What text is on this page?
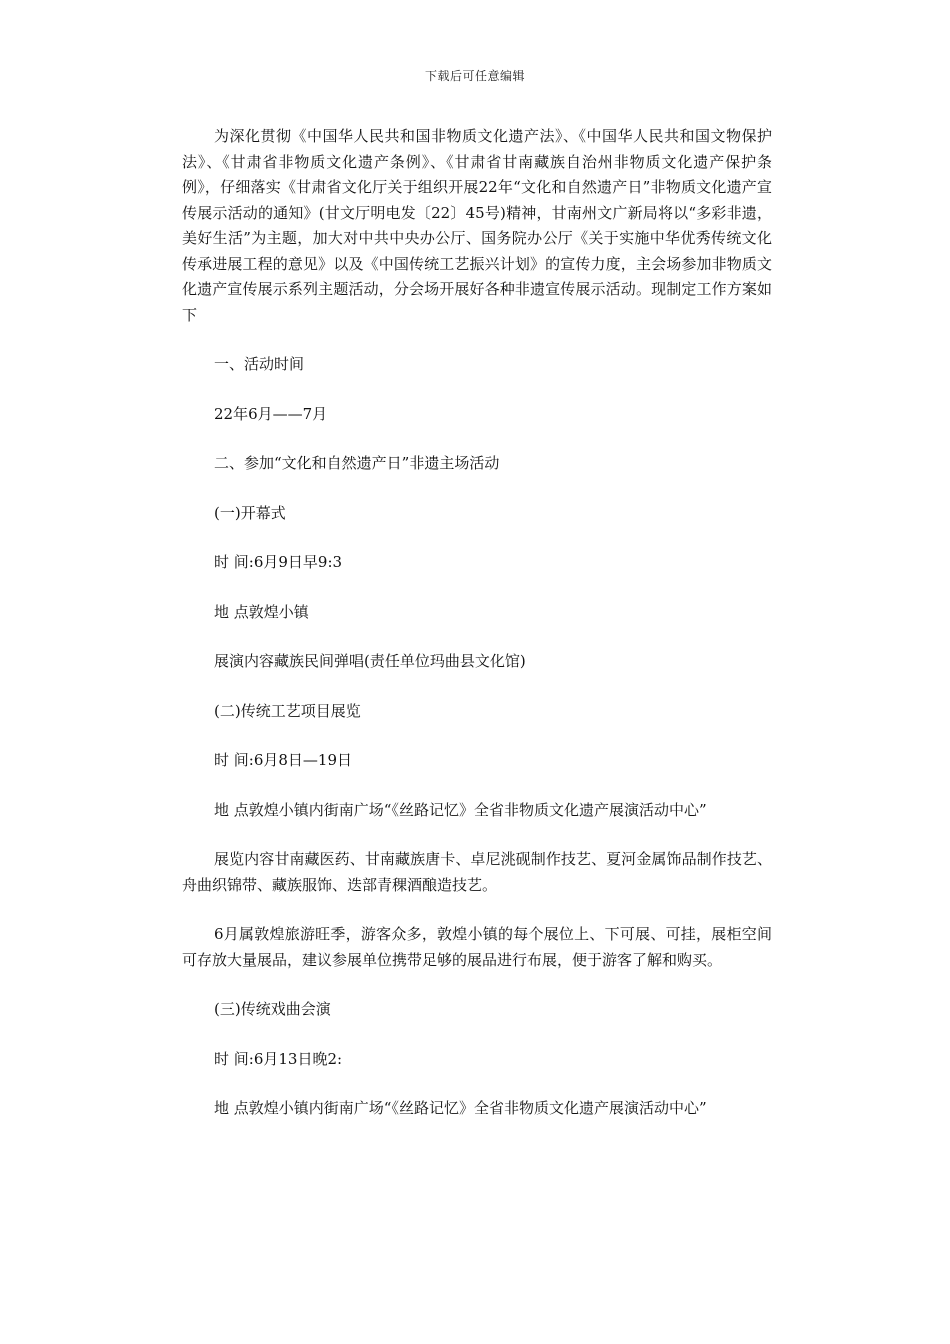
下载后可任意编辑

为深化贯彻《中国华人民共和国非物质文化遗产法》、《中国华人民共和国文物保护法》、《甘肃省非物质文化遗产条例》、《甘肃省甘南藏族自治州非物质文化遗产保护条例》，仔细落实《甘肃省文化厅关于组织开展22年“文化和自然遗产日”非物质文化遗产宣传展示活动的通知》(甘文厅明电发〔22〕45号)精神，甘南州文广新局将以“多彩非遗，美好生活”为主题，加大对中共中央办公厅、国务院办公厅《关于实施中华优秀传统文化传承进展工程的意见》以及《中国传统工艺振兴计划》的宣传力度，主会场参加非物质文化遗产宣传展示系列主题活动，分会场开展好各种非遗宣传展示活动。现制定工作方案如下

一、活动时间

22年6月——7月

二、参加“文化和自然遗产日”非遗主场活动

(一)开幕式

时 间:6月9日早9:3

地 点敦煌小镇

展演内容藏族民间弹唱(责任单位玛曲县文化馆)

(二)传统工艺项目展览

时 间:6月8日—19日

地 点敦煌小镇内街南广场“《丝路记忆》全省非物质文化遗产展演活动中心”

展览内容甘南藏医药、甘南藏族唐卡、卓尼洮砚制作技艺、夏河金属饰品制作技艺、舟曲织锦带、藏族服饰、迭部青稞酒酿造技艺。

6月属敦煌旅游旺季，游客众多，敦煌小镇的每个展位上、下可展、可挂，展柜空间可存放大量展品，建议参展单位携带足够的展品进行布展，便于游客了解和购买。

(三)传统戏曲会演

时 间:6月13日晚2:

地 点敦煌小镇内街南广场“《丝路记忆》全省非物质文化遗产展演活动中心”
